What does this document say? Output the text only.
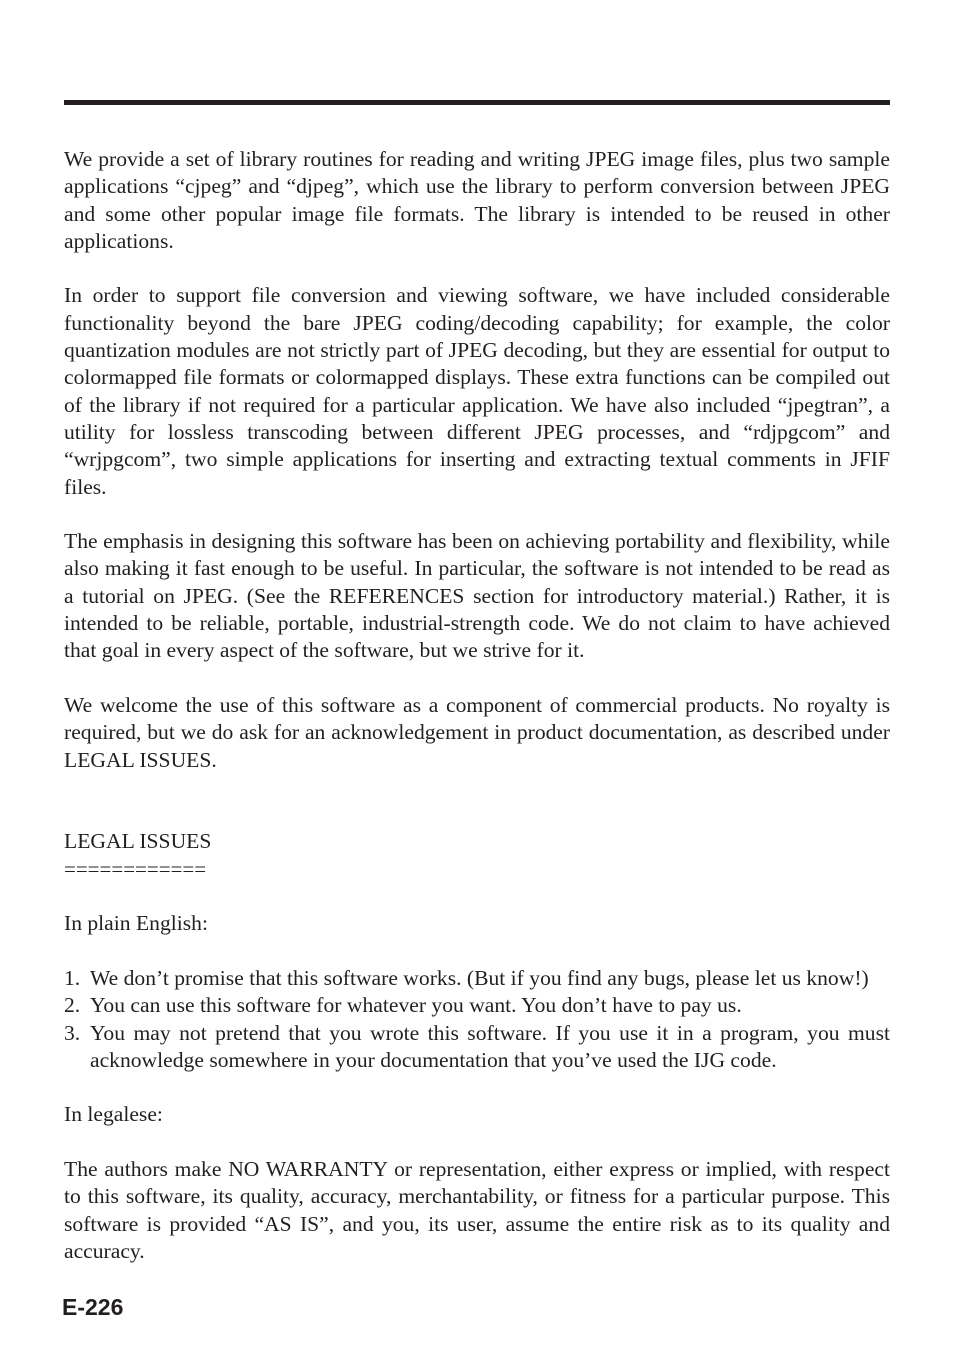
We provide a set of library routines for reading and writing JPEG image files, plus two sample applications “cjpeg” and “djpeg”, which use the library to perform conversion between JPEG and some other popular image file formats. The library is intended to be reused in other applications.

In order to support file conversion and viewing software, we have included considerable functionality beyond the bare JPEG coding/decoding capability; for example, the color quantization modules are not strictly part of JPEG decoding, but they are essential for output to colormapped file formats or colormapped displays. These extra functions can be compiled out of the library if not required for a particular application. We have also included “jpegtran”, a utility for lossless transcoding between different JPEG processes, and “rdjpgcom” and “wrjpgcom”, two simple applications for inserting and extracting textual comments in JFIF files.

The emphasis in designing this software has been on achieving portability and flexibility, while also making it fast enough to be useful. In particular, the software is not intended to be read as a tutorial on JPEG. (See the REFERENCES section for introductory material.) Rather, it is intended to be reliable, portable, industrial-strength code. We do not claim to have achieved that goal in every aspect of the software, but we strive for it.

We welcome the use of this software as a component of commercial products. No royalty is required, but we do ask for an acknowledgement in product documentation, as described under LEGAL ISSUES.

LEGAL ISSUES
============

In plain English:

1. We don’t promise that this software works. (But if you find any bugs, please let us know!)
2. You can use this software for whatever you want. You don’t have to pay us.
3. You may not pretend that you wrote this software. If you use it in a program, you must acknowledge somewhere in your documentation that you’ve used the IJG code.

In legalese:

The authors make NO WARRANTY or representation, either express or implied, with respect to this software, its quality, accuracy, merchantability, or fitness for a particular purpose. This software is provided “AS IS”, and you, its user, assume the entire risk as to its quality and accuracy.

E-226
